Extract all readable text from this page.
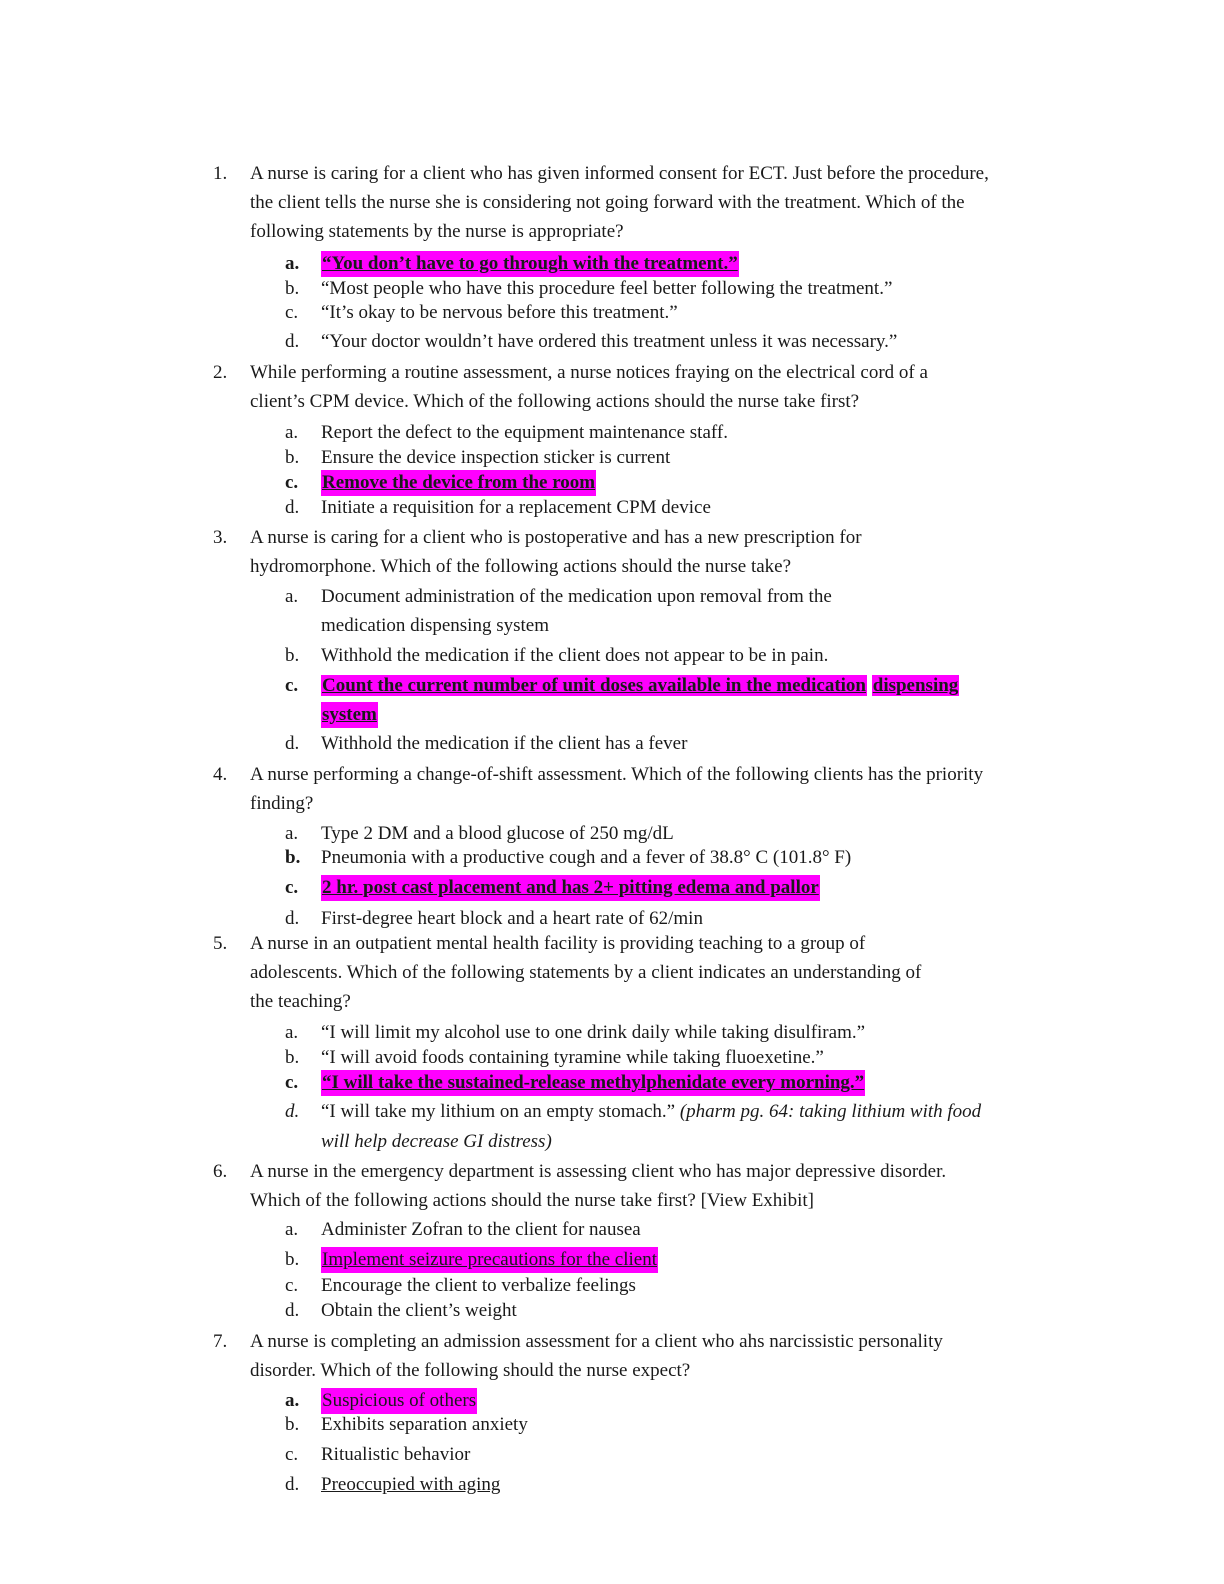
1. A nurse is caring for a client who has given informed consent for ECT. Just before the procedure,
the client tells the nurse she is considering not going forward with the treatment. Which of the
following statements by the nurse is appropriate?
a. “You don’t have to go through with the treatment.”
b. “Most people who have this procedure feel better following the treatment.”
c. “It’s okay to be nervous before this treatment.”
d. “Your doctor wouldn’t have ordered this treatment unless it was necessary.”
2. While performing a routine assessment, a nurse notices fraying on the electrical cord of a
client’s CPM device. Which of the following actions should the nurse take first?
a. Report the defect to the equipment maintenance staff.
b. Ensure the device inspection sticker is current
c. Remove the device from the room
d. Initiate a requisition for a replacement CPM device
3. A nurse is caring for a client who is postoperative and has a new prescription for
hydromorphone. Which of the following actions should the nurse take?
a. Document administration of the medication upon removal from the
medication dispensing system
b. Withhold the medication if the client does not appear to be in pain.
c. Count the current number of unit doses available in the medication dispensing
system
d. Withhold the medication if the client has a fever
4. A nurse performing a change-of-shift assessment. Which of the following clients has the priority
finding?
a. Type 2 DM and a blood glucose of 250 mg/dL
b. Pneumonia with a productive cough and a fever of 38.8° C (101.8° F)
c. 2 hr. post cast placement and has 2+ pitting edema and pallor
d. First-degree heart block and a heart rate of 62/min
5. A nurse in an outpatient mental health facility is providing teaching to a group of
adolescents. Which of the following statements by a client indicates an understanding of
the teaching?
a. “I will limit my alcohol use to one drink daily while taking disulfiram.”
b. “I will avoid foods containing tyramine while taking fluoexetine.”
c. “I will take the sustained-release methylphenidate every morning.”
d. “I will take my lithium on an empty stomach.” (pharm pg. 64: taking lithium with food
will help decrease GI distress)
6. A nurse in the emergency department is assessing client who has major depressive disorder.
Which of the following actions should the nurse take first? [View Exhibit]
a. Administer Zofran to the client for nausea
b. Implement seizure precautions for the client
c. Encourage the client to verbalize feelings
d. Obtain the client’s weight
7. A nurse is completing an admission assessment for a client who ahs narcissistic personality
disorder. Which of the following should the nurse expect?
a. Suspicious of others
b. Exhibits separation anxiety
c. Ritualistic behavior
d. Preoccupied with aging
